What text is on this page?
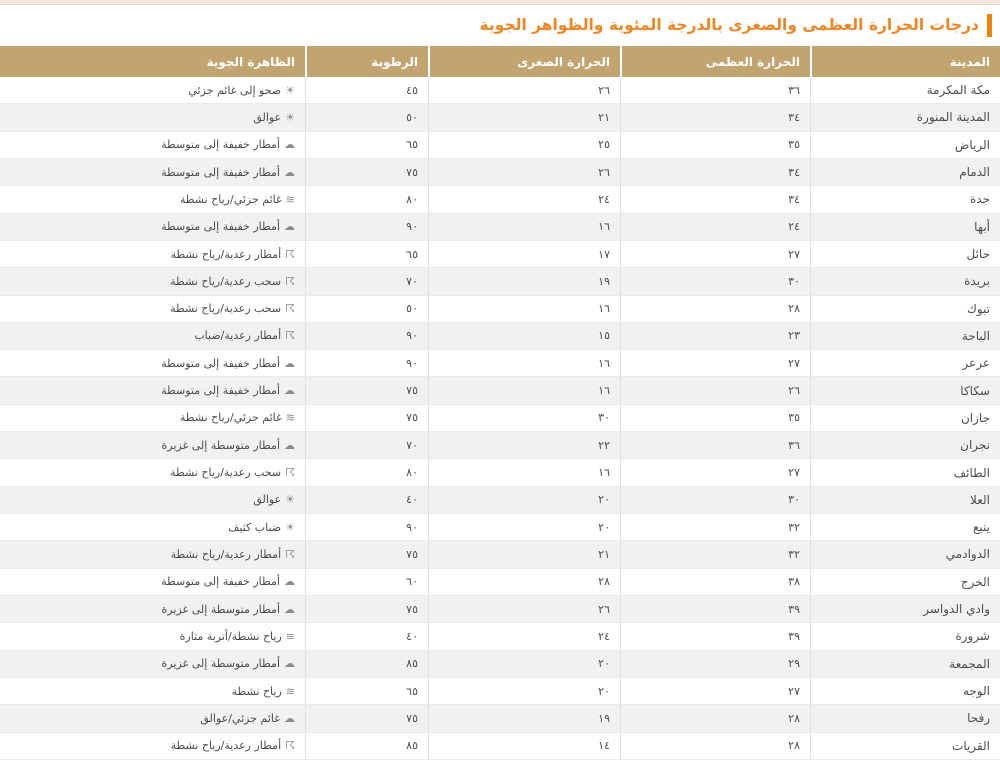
درجات الحرارة العظمى والصغرى بالدرجة المئوية والظواهر الجوية
المدينة
الحرارة العظمى
الحرارة الصغرى
الرطوبة
الظاهرة الجوية
مكة المكرمة
٣٦
٢٦
٤٥
☀
صحو إلى غائم جزئي
المدينة المنورة
٣٤
٢١
٥٠
☀
عوالق
الرياض
٣٥
٢٥
٦٥
☁
أمطار خفيفة إلى متوسطة
الدمام
٣٤
٢٦
٧٥
☁
أمطار خفيفة إلى متوسطة
جدة
٣٤
٢٤
٨٠
≋
غائم جزئي/رياح نشطة
أبها
٢٤
١٦
٩٠
☁
أمطار خفيفة إلى متوسطة
حائل
٢٧
١٧
٦٥
☈
أمطار رعدية/رياح نشطة
بريدة
٣٠
١٩
٧٠
☈
سحب رعدية/رياح نشطة
تبوك
٢٨
١٦
٥٠
☈
سحب رعدية/رياح نشطة
الباحة
٢٣
١٥
٩٠
☈
أمطار رعدية/ضباب
عرعر
٢٧
١٦
٩٠
☁
أمطار خفيفة إلى متوسطة
سكاكا
٢٦
١٦
٧٥
☁
أمطار خفيفة إلى متوسطة
جازان
٣٥
٣٠
٧٥
≋
غائم جزئي/رياح نشطة
نجران
٣٦
٢٢
٧٠
☁
أمطار متوسطة إلى غزيرة
الطائف
٢٧
١٦
٨٠
☈
سحب رعدية/رياح نشطة
العلا
٣٠
٢٠
٤٠
☀
عوالق
ينبع
٣٢
٢٠
٩٠
☀
ضباب كثيف
الدوادمي
٣٢
٢١
٧٥
☈
أمطار رعدية/رياح نشطة
الخرج
٣٨
٢٨
٦٠
☁
أمطار خفيفة إلى متوسطة
وادي الدواسر
٣٩
٢٦
٧٥
☁
أمطار متوسطة إلى غزيرة
شرورة
٣٩
٢٤
٤٠
≡
رياح نشطة/أتربة مثارة
المجمعة
٢٩
٢٠
٨٥
☁
أمطار متوسطة إلى غزيرة
الوجه
٢٧
٢٠
٦٥
≋
رياح نشطة
رفحا
٢٨
١٩
٧٥
☁
غائم جزئي/عوالق
القريات
٢٨
١٤
٨٥
☈
أمطار رعدية/رياح نشطة
